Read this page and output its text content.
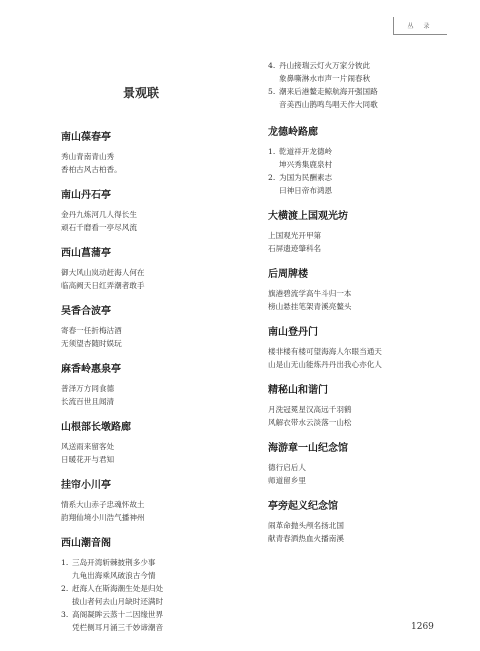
丛 录
景观联
南山葆春亭
秀山青南青山秀
香柏古风古柏香。
南山丹石亭
金丹九炼河几人得长生
顽石千磨看一亭尽风流
西山菖蒲亭
御大风山岚动赶海人何在
临高阙天日红弄潮者敢手
吴香合波亭
寄春一任折梅沽酒
无须望杏随时娱玩
麻香岭惠泉亭
普泽万方同食德
长流百世且闻清
山根部长墩路廊
风送雨来留客处
日暖花开与君知
挂帘小川亭
情系大山赤子忠魂怀故土
韵翔仙境小川浩气播神州
西山潮音阁
1. 三岛开湾斩棘披荆多少事
九龟出海乘风破浪古今情
2. 赶海人在斯海潮生处是归处
拔山者何去山月缺时还满时
3. 高阁凝眸云蒸十二因缘世界
凭栏侧耳月涌三千妙谛潮音
4. 丹山接瑞云灯火万家分彼此
象鼻嘶淋水市声一片闹春秋
5. 潮来后港鳌走鲸航海开强国路
音美西山鹊鸣鸟唱天作大同歌
龙德岭路廊
1. 乾道祥开龙德岭
坤兴秀集鹿泉村
2. 为国为民酬素志
曰神日帝布鸿恩
大横渡上国观光坊
上国观光开甲第
石屏遗迹肇科名
后周牌楼
旗港碧流学高牛斗归一本
榜山悬挂笔架青溪亮鳌头
南山登丹门
楼非楼有楼可望海海人尔眼当通天
山是山无山能炼丹丹出我心亦化人
精秘山和谐门
月洗冠冕星汉高远千羽鹤
风解衣带水云淡落一山松
海游章一山纪念馆
德行启后人
师道留乡里
亭旁起义纪念馆
闹革命抛头颅名扬北国
献青春洒热血火播南溪
1269
